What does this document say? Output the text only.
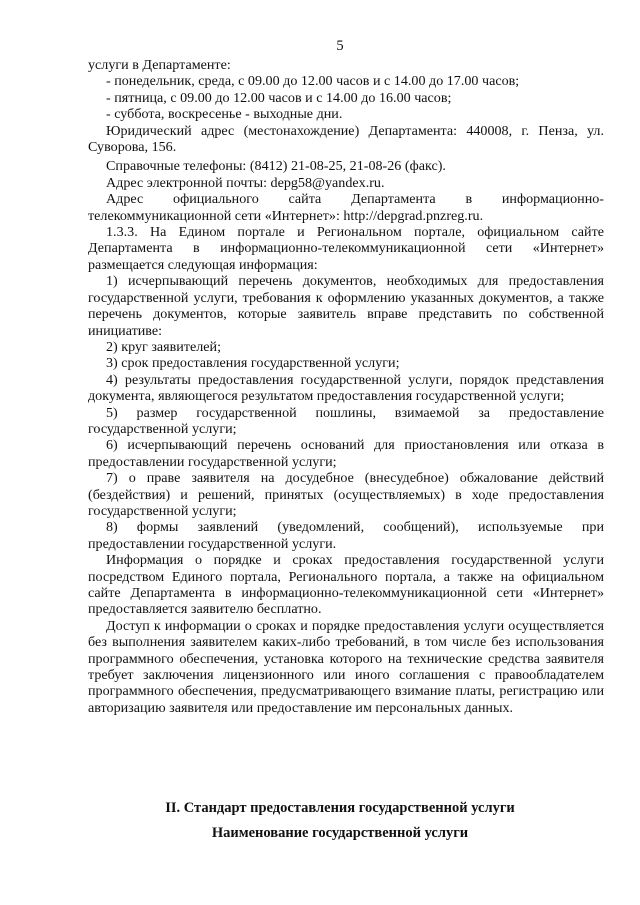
5

услуги в Департаменте:

- понедельник, среда, с 09.00 до 12.00 часов и с 14.00 до 17.00 часов;

- пятница, с 09.00 до 12.00 часов и с 14.00 до 16.00 часов;

- суббота, воскресенье - выходные дни.

Юридический адрес (местонахождение) Департамента: 440008, г. Пенза, ул. Суворова, 156.

Справочные телефоны: (8412) 21-08-25, 21-08-26 (факс).

Адрес электронной почты: depg58@yandex.ru.

Адрес официального сайта Департамента в информационно-телекоммуникационной сети «Интернет»: http://depgrad.pnzreg.ru.

1.3.3. На Едином портале и Региональном портале, официальном сайте Департамента в информационно-телекоммуникационной сети «Интернет» размещается следующая информация:

1) исчерпывающий перечень документов, необходимых для предоставления государственной услуги, требования к оформлению указанных документов, а также перечень документов, которые заявитель вправе представить по собственной инициативе:

2) круг заявителей;

3) срок предоставления государственной услуги;

4) результаты предоставления государственной услуги, порядок представления документа, являющегося результатом предоставления государственной услуги;

5) размер государственной пошлины, взимаемой за предоставление государственной услуги;

6) исчерпывающий перечень оснований для приостановления или отказа в предоставлении государственной услуги;

7) о праве заявителя на досудебное (внесудебное) обжалование действий (бездействия) и решений, принятых (осуществляемых) в ходе предоставления государственной услуги;

8) формы заявлений (уведомлений, сообщений), используемые при предоставлении государственной услуги.

Информация о порядке и сроках предоставления государственной услуги посредством Единого портала, Регионального портала, а также на официальном сайте Департамента в информационно-телекоммуникационной сети «Интернет» предоставляется заявителю бесплатно.

Доступ к информации о сроках и порядке предоставления услуги осуществляется без выполнения заявителем каких-либо требований, в том числе без использования программного обеспечения, установка которого на технические средства заявителя требует заключения лицензионного или иного соглашения с правообладателем программного обеспечения, предусматривающего взимание платы, регистрацию или авторизацию заявителя или предоставление им персональных данных.

II. Стандарт предоставления государственной услуги
Наименование государственной услуги
